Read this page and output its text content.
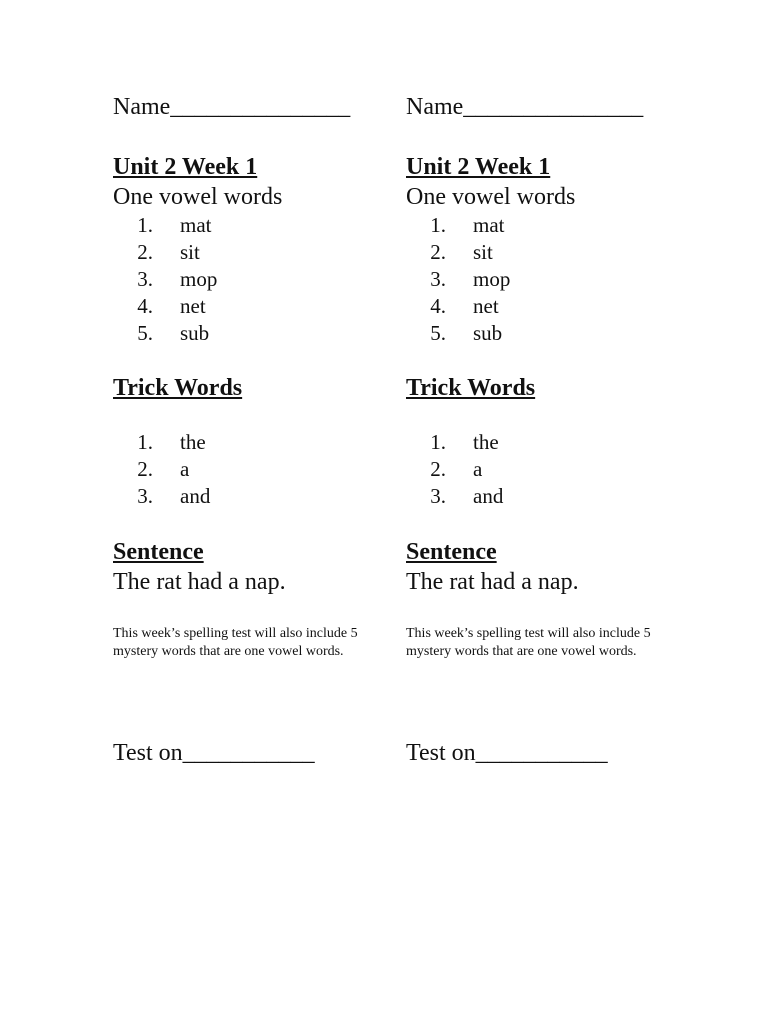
Name_______________
Unit 2 Week 1
One vowel words
1. mat
2. sit
3. mop
4. net
5. sub
Trick Words
1. the
2. a
3. and
Sentence
The rat had a nap.
This week’s spelling test will also include 5 mystery words that are one vowel words.
Test on___________
Name_______________
Unit 2 Week 1
One vowel words
1. mat
2. sit
3. mop
4. net
5. sub
Trick Words
1. the
2. a
3. and
Sentence
The rat had a nap.
This week’s spelling test will also include 5 mystery words that are one vowel words.
Test on___________
